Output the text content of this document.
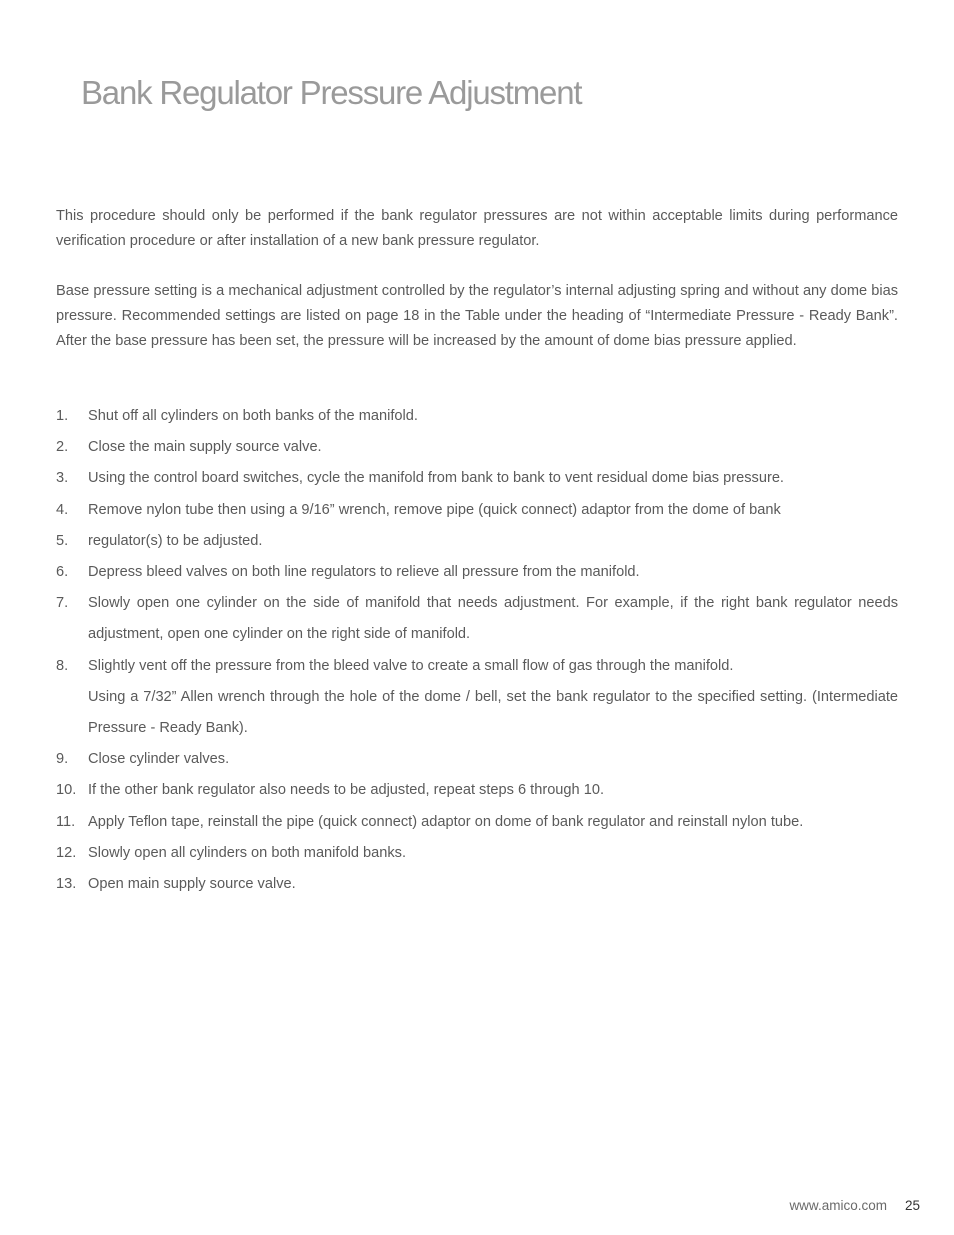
Bank Regulator Pressure Adjustment

This procedure should only be performed if the bank regulator pressures are not within acceptable limits during performance verification procedure or after installation of a new bank pressure regulator.

Base pressure setting is a mechanical adjustment controlled by the regulator’s internal adjusting spring and without any dome bias pressure. Recommended settings are listed on page 18 in the Table under the heading of “Intermediate Pressure - Ready Bank”. After the base pressure has been set, the pressure will be increased by the amount of dome bias pressure applied.

1.	Shut off all cylinders on both banks of the manifold.
2.	Close the main supply source valve.
3.	Using the control board switches, cycle the manifold from bank to bank to vent residual dome bias pressure.
4.	Remove nylon tube then using a 9/16” wrench, remove pipe (quick connect) adaptor from the dome of bank
5.	regulator(s) to be adjusted.
6.	Depress bleed valves on both line regulators to relieve all pressure from the manifold.
7.	Slowly open one cylinder on the side of manifold that needs adjustment. For example, if the right bank regulator needs adjustment, open one cylinder on the right side of manifold.
8.	Slightly vent off the pressure from the bleed valve to create a small flow of gas through the manifold.
Using a 7/32” Allen wrench through the hole of the dome / bell, set the bank regulator to the specified setting. (Intermediate Pressure - Ready Bank).
9.	Close cylinder valves.
10. If the other bank regulator also needs to be adjusted, repeat steps 6 through 10.
11. Apply Teflon tape, reinstall the pipe (quick connect) adaptor on dome of bank regulator and reinstall nylon tube.
12. Slowly open all cylinders on both manifold banks.
13. Open main supply source valve.
www.amico.com 25
